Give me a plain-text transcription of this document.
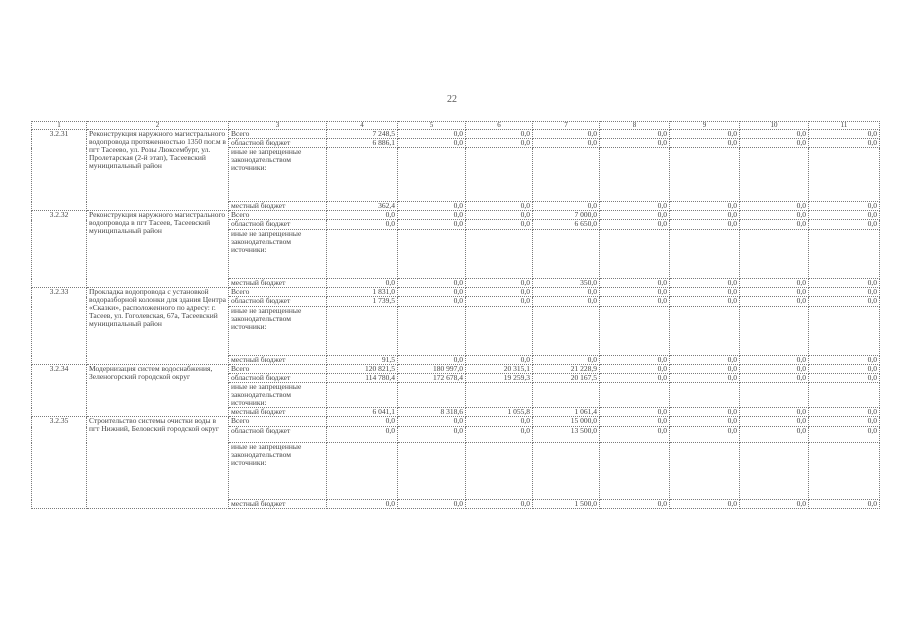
22
1	2	3	4	5	6	7	8	9	10	11
3.2.31	Реконструкция наружного магистрального водопровода протяженностью 1350 пог.м в пгт Тасеево, ул. Розы Люксембург, ул. Пролетарская (2-й этап), Тасеевский муниципальный район	Всего	7 248,5	0,0	0,0	0,0	0,0	0,0	0,0	0,0
		областной бюджет	6 886,1	0,0	0,0	0,0	0,0	0,0	0,0	0,0
		иные не запрещенные законодательством источники:								
		местный бюджет	362,4	0,0	0,0	0,0	0,0	0,0	0,0	0,0
3.2.32	Реконструкция наружного магистрального водопровода в пгт Тасеев, Тасеевский муниципальный район	Всего	0,0	0,0	0,0	7 000,0	0,0	0,0	0,0	0,0
		областной бюджет	0,0	0,0	0,0	6 650,0	0,0	0,0	0,0	0,0
		иные не запрещенные законодательством источники:								
		местный бюджет	0,0	0,0	0,0	350,0	0,0	0,0	0,0	0,0
3.2.33	Прокладка водопровода с установкой водоразборной колонки для здания Центра «Сказки», расположенного по адресу: г. Тасеев, ул. Гоголевская, 67а, Тасеевский муниципальный район	Всего	1 831,0	0,0	0,0	0,0	0,0	0,0	0,0	0,0
		областной бюджет	1 739,5	0,0	0,0	0,0	0,0	0,0	0,0	0,0
		иные не запрещенные законодательством источники:								
		местный бюджет	91,5	0,0	0,0	0,0	0,0	0,0	0,0	0,0
3.2.34	Модернизация систем водоснабжения, Зеленогорский городской округ	Всего	120 821,5	180 997,0	20 315,1	21 228,9	0,0	0,0	0,0	0,0
		областной бюджет	114 780,4	172 678,4	19 259,3	20 167,5	0,0	0,0	0,0	0,0
		иные не запрещенные законодательством источники:								
		местный бюджет	6 041,1	8 318,6	1 055,8	1 061,4	0,0	0,0	0,0	0,0
3.2.35	Строительство системы очистки воды в пгт Нижний, Беловский городской округ	Всего	0,0	0,0	0,0	15 000,0	0,0	0,0	0,0	0,0
		областной бюджет	0,0	0,0	0,0	13 500,0	0,0	0,0	0,0	0,0
		иные не запрещенные законодательством источники:								
		местный бюджет	0,0	0,0	0,0	1 500,0	0,0	0,0	0,0	0,0
